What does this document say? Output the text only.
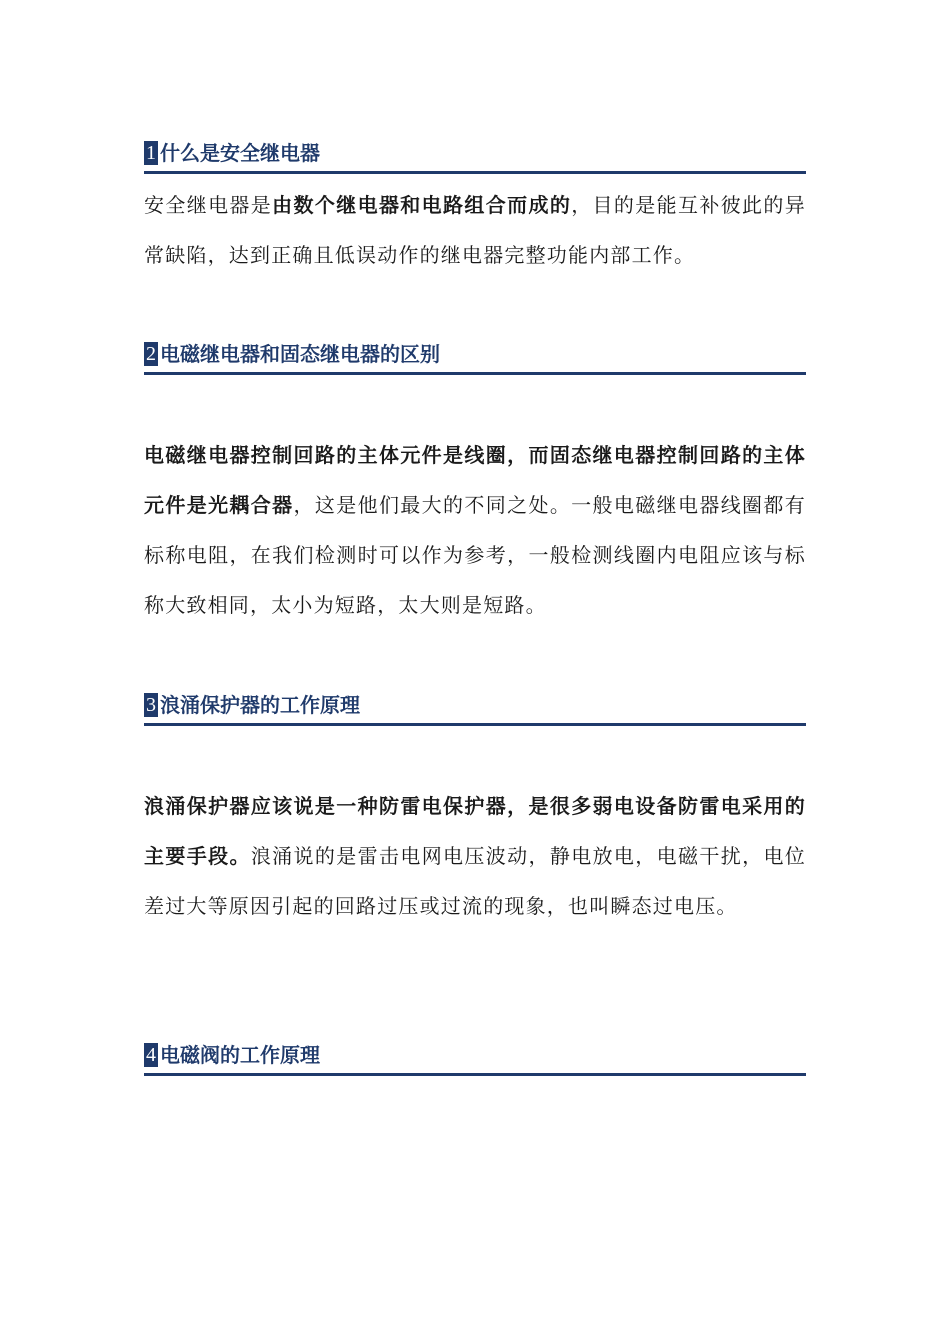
1 什么是安全继电器
安全继电器是由数个继电器和电路组合而成的，目的是能互补彼此的异常缺陷，达到正确且低误动作的继电器完整功能内部工作。
2 电磁继电器和固态继电器的区别
电磁继电器控制回路的主体元件是线圈，而固态继电器控制回路的主体元件是光耦合器，这是他们最大的不同之处。一般电磁继电器线圈都有标称电阻，在我们检测时可以作为参考，一般检测线圈内电阻应该与标称大致相同，太小为短路，太大则是短路。
3 浪涌保护器的工作原理
浪涌保护器应该说是一种防雷电保护器，是很多弱电设备防雷电采用的主要手段。浪涌说的是雷击电网电压波动，静电放电，电磁干扰，电位差过大等原因引起的回路过压或过流的现象，也叫瞬态过电压。
4 电磁阀的工作原理
